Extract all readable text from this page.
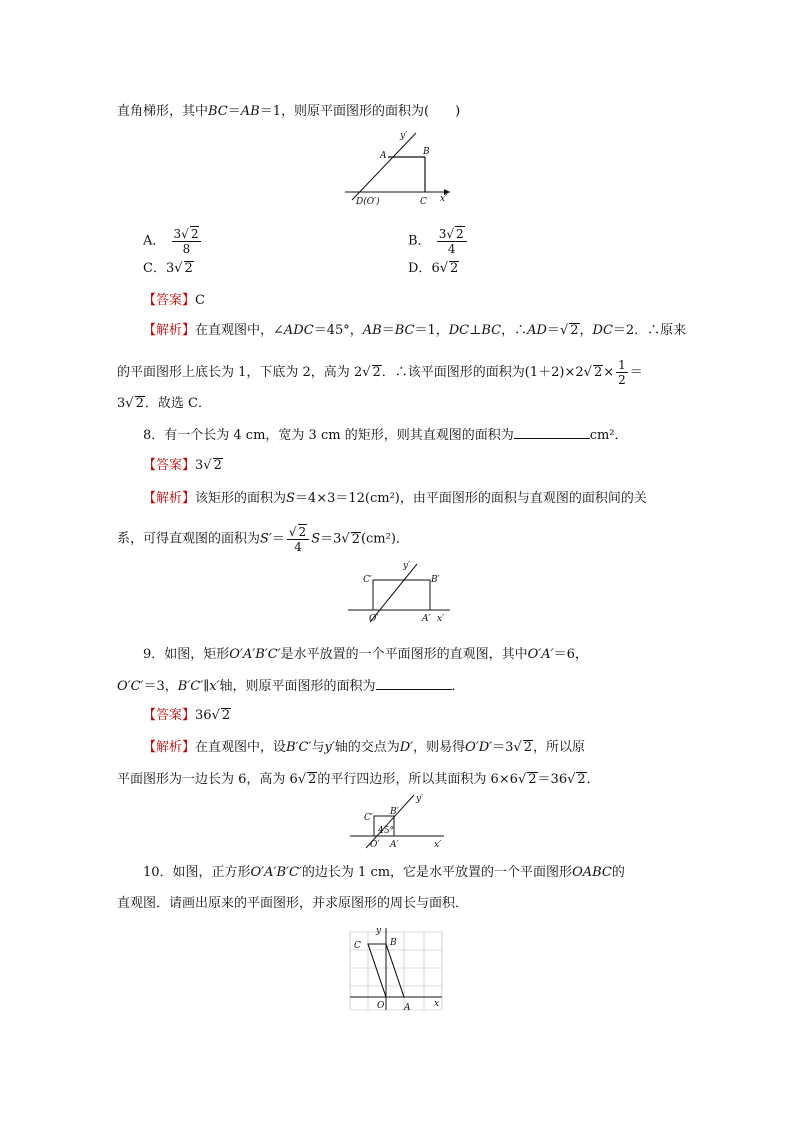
直角梯形，其中BC＝AB＝1，则原平面图形的面积为(　　)
y′
A	B
C x′
D(O′)
A． $\frac{3√ 2}{8}$	B． $\frac{3√ 2}{4}$
C．3√ 2	D．6√ 2
【答案】C
【解析】在直观图中，∠ADC＝45°，AB＝BC＝1，DC⊥BC，∴AD＝√ 2，DC＝2．∴原来
的平面图形上底长为 1，下底为 2，高为 2√ 2．∴该平面图形的面积为(1＋2)×2√ $2\times \frac{1}{2}$ ＝
3√ 2．故选 C．
8．有一个长为 4 cm，宽为 3 cm 的矩形，则其直观图的面积为	cm²．
【答案】3√ 2
【解析】该矩形的面积为S＝4×3＝12(cm²)，由平面图形的面积与直观图的面积间的关
系，可得直观图的面积为$S'= \frac{√ 2}{4} S=3√$ 2(cm²)．
y′
C′	B′
O′	A′ x′
9．如图，矩形O′A′B′C′是水平放置的一个平面图形的直观图，其中O′A′＝6，
O′C′＝3，B′C′∥x′轴，则原平面图形的面积为	．
【答案】36√ 2
【解析】在直观图中，设B′C′与y′轴的交点为D′，则易得O′D′＝3√ 2，所以原
平面图形为一边长为 6，高为 6√ 2的平行四边形，所以其面积为 6×6√ 2＝36√ 2．
y′
B′
C′
45°
O′ A′	x′
10．如图，正方形O′A′B′C′的边长为 1 cm，它是水平放置的一个平面图形OABC的
直观图．请画出原来的平面图形，并求原图形的周长与面积．
y
C	B
O A	x
